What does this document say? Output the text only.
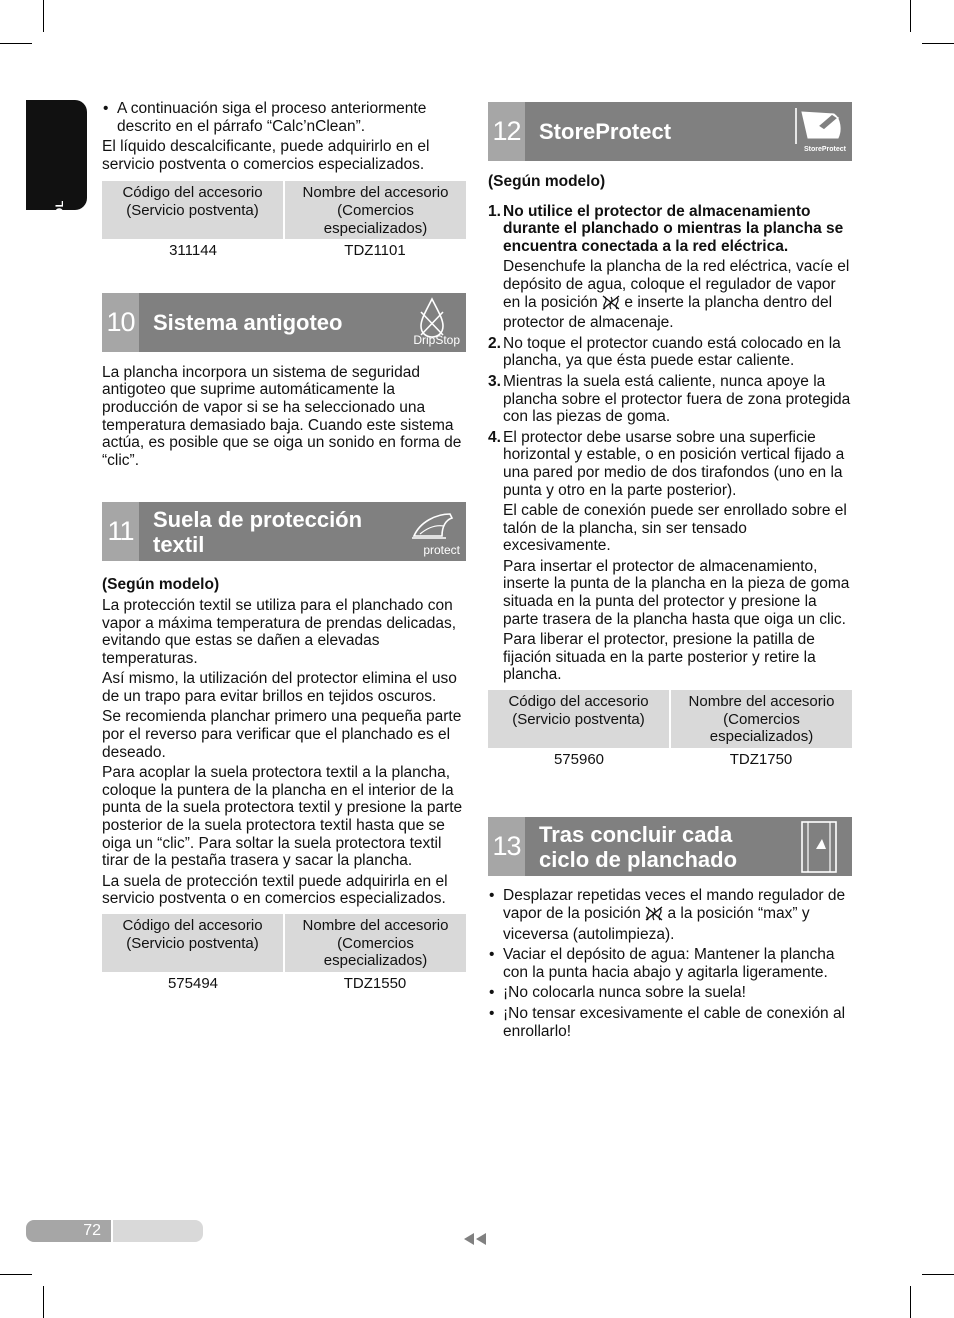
ESPAÑOL
• A continuación siga el proceso anteriormente descrito en el párrafo “Calc’nClean”.

El líquido descalcificante, puede adquirirlo en el servicio postventa o comercios especializados.

Código del accesorio (Servicio postventa)	Nombre del accesorio (Comercios especializados)
311144	TDZ1101
10 Sistema antigoteo
DripStop

La plancha incorpora un sistema de seguridad antigoteo que suprime automáticamente la producción de vapor si se ha seleccionado una temperatura demasiado baja. Cuando este sistema actúa, es posible que se oiga un sonido en forma de “clic”.

11 Suela de protección textil	protect

(Según modelo)

La protección textil se utiliza para el planchado con vapor a máxima temperatura de prendas delicadas, evitando que estas se dañen a elevadas temperaturas.

Así mismo, la utilización del protector elimina el uso de un trapo para evitar brillos en tejidos oscuros.

Se recomienda planchar primero una pequeña parte por el reverso para verificar que el planchado es el deseado.

Para acoplar la suela protectora textil a la plancha, coloque la puntera de la plancha en el interior de la punta de la suela protectora textil y presione la parte posterior de la suela protectora textil hasta que se oiga un “clic”. Para soltar la suela protectora textil tirar de la pestaña trasera y sacar la plancha.

La suela de protección textil puede adquirirla en el servicio postventa o en comercios especializados.

Código del accesorio (Servicio postventa)	Nombre del accesorio (Comercios especializados)
575494	TDZ1550
12 StoreProtect
StoreProtect

(Según modelo)

1. No utilice el protector de almacenamiento durante el planchado o mientras la plancha se encuentra conectada a la red eléctrica.

Desenchufe la plancha de la red eléctrica, vacíe el depósito de agua, coloque el regulador de vapor en la posición e inserte la plancha dentro del protector de almacenaje.

2. No toque el protector cuando está colocado en la plancha, ya que ésta puede estar caliente.

3. Mientras la suela está caliente, nunca apoye la plancha sobre el protector fuera de zona protegida con las piezas de goma.

4. El protector debe usarse sobre una superficie horizontal y estable, o en posición vertical fijado a una pared por medio de dos tirafondos (uno en la punta y otro en la parte posterior).

El cable de conexión puede ser enrollado sobre el talón de la plancha, sin ser tensado excesivamente.

Para insertar el protector de almacenamiento, inserte la punta de la plancha en la pieza de goma situada en la punta del protector y presione la parte trasera de la plancha hasta que oiga un clic.

Para liberar el protector, presione la patilla de fijación situada en la parte posterior y retire la plancha.

Código del accesorio (Servicio postventa)	Nombre del accesorio (Comercios especializados)
575960	TDZ1750
13 Tras concluir cada ciclo de planchado
• Desplazar repetidas veces el mando regulador de vapor de la posición a la posición “max” y viceversa (autolimpieza).
• Vaciar el depósito de agua: Mantener la plancha con la punta hacia abajo y agitarla ligeramente.
• ¡No colocarla nunca sobre la suela!
• ¡No tensar excesivamente el cable de conexión al enrollarlo!
72
